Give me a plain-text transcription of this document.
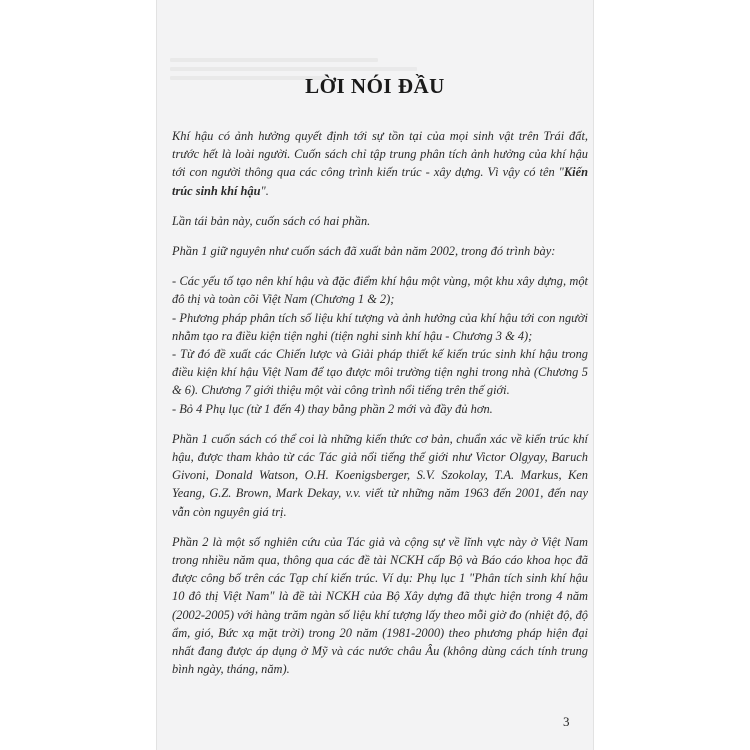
LỜI NÓI ĐẦU

Khí hậu có ảnh hưởng quyết định tới sự tồn tại của mọi sinh vật trên Trái đất, trước hết là loài người. Cuốn sách chỉ tập trung phân tích ảnh hưởng của khí hậu tới con người thông qua các công trình kiến trúc - xây dựng. Vì vậy có tên "Kiến trúc sinh khí hậu".

Lần tái bản này, cuốn sách có hai phần.

Phần 1 giữ nguyên như cuốn sách đã xuất bản năm 2002, trong đó trình bày:

- Các yếu tố tạo nên khí hậu và đặc điểm khí hậu một vùng, một khu xây dựng, một đô thị và toàn cõi Việt Nam (Chương 1 & 2);

- Phương pháp phân tích số liệu khí tượng và ảnh hưởng của khí hậu tới con người nhằm tạo ra điều kiện tiện nghi (tiện nghi sinh khí hậu - Chương 3 & 4);

- Từ đó đề xuất các Chiến lược và Giải pháp thiết kế kiến trúc sinh khí hậu trong điều kiện khí hậu Việt Nam để tạo được môi trường tiện nghi trong nhà (Chương 5 & 6). Chương 7 giới thiệu một vài công trình nổi tiếng trên thế giới.

- Bỏ 4 Phụ lục (từ 1 đến 4) thay bằng phần 2 mới và đầy đủ hơn.

Phần 1 cuốn sách có thể coi là những kiến thức cơ bản, chuẩn xác về kiến trúc khí hậu, được tham khảo từ các Tác giả nổi tiếng thế giới như Victor Olgyay, Baruch Givoni, Donald Watson, O.H. Koenigsberger, S.V. Szokolay, T.A. Markus, Ken Yeang, G.Z. Brown, Mark Dekay, v.v. viết từ những năm 1963 đến 2001, đến nay vẫn còn nguyên giá trị.

Phần 2 là một số nghiên cứu của Tác giả và cộng sự về lĩnh vực này ở Việt Nam trong nhiều năm qua, thông qua các đề tài NCKH cấp Bộ và Báo cáo khoa học đã được công bố trên các Tạp chí kiến trúc. Ví dụ: Phụ lục 1 "Phân tích sinh khí hậu 10 đô thị Việt Nam" là đề tài NCKH của Bộ Xây dựng đã thực hiện trong 4 năm (2002-2005) với hàng trăm ngàn số liệu khí tượng lấy theo mỗi giờ đo (nhiệt độ, độ ẩm, gió, Bức xạ mặt trời) trong 20 năm (1981-2000) theo phương pháp hiện đại nhất đang được áp dụng ở Mỹ và các nước châu Âu (không dùng cách tính trung bình ngày, tháng, năm).

3
